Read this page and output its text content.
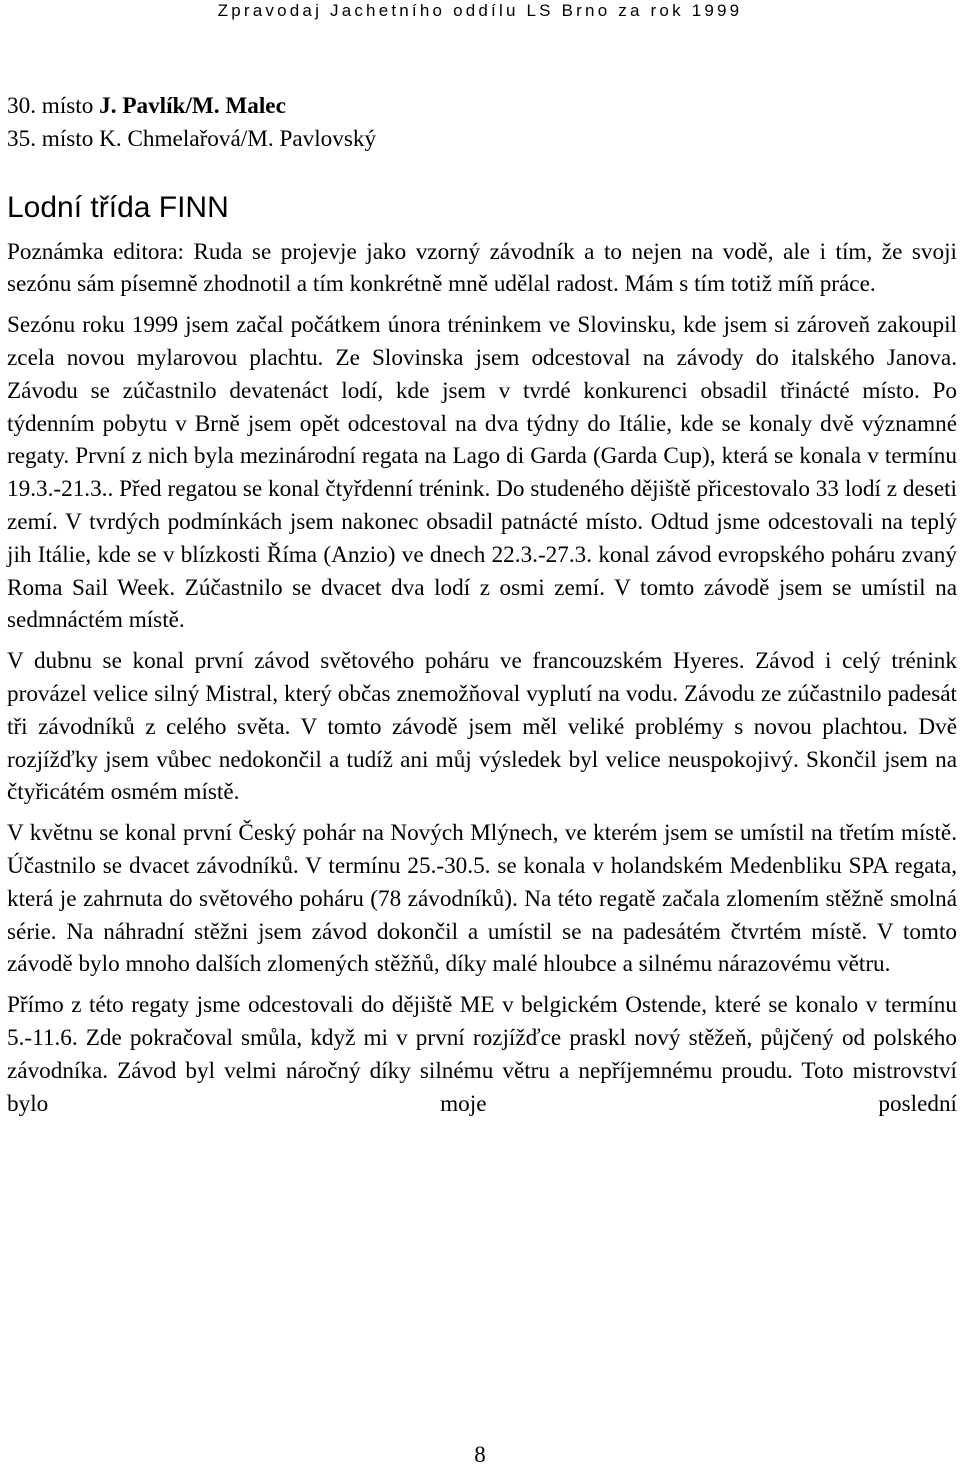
Zpravodaj Jachetního oddílu LS Brno za rok 1999

30. místo J. Pavlík/M. Malec

35. místo K. Chmelařová/M. Pavlovský

Lodní třída FINN

Poznámka editora: Ruda se projevje jako vzorný závodník a to nejen na vodě, ale i tím, že svoji sezónu sám písemně zhodnotil a tím konkrétně mně udělal radost. Mám s tím totiž míň práce.

Sezónu roku 1999 jsem začal počátkem února tréninkem ve Slovinsku, kde jsem si zároveň zakoupil zcela novou mylarovou plachtu. Ze Slovinska jsem odcestoval na závody do italského Janova. Závodu se zúčastnilo devatenáct lodí, kde jsem v tvrdé konkurenci obsadil třinácté místo. Po týdenním pobytu v Brně jsem opět odcestoval na dva týdny do Itálie, kde se konaly dvě významné regaty. První z nich byla mezinárodní regata na Lago di Garda (Garda Cup), která se konala v termínu 19.3.-21.3.. Před regatou se konal čtyřdenní trénink. Do studeného dějiště přicestovalo 33 lodí z deseti zemí. V tvrdých podmínkách jsem nakonec obsadil patnácté místo. Odtud jsme odcestovali na teplý jih Itálie, kde se v blízkosti Říma (Anzio) ve dnech 22.3.-27.3. konal závod evropského poháru zvaný Roma Sail Week. Zúčastnilo se dvacet dva lodí z osmi zemí. V tomto závodě jsem se umístil na sedmnáctém místě.

V dubnu se konal první závod světového poháru ve francouzském Hyeres. Závod i celý trénink provázel velice silný Mistral, který občas znemožňoval vyplutí na vodu. Závodu ze zúčastnilo padesát tři závodníků z celého světa. V tomto závodě jsem měl veliké problémy s novou plachtou. Dvě rozjížďky jsem vůbec nedokončil a tudíž ani můj výsledek byl velice neuspokojivý. Skončil jsem na čtyřicátém osmém místě.

V květnu se konal první Český pohár na Nových Mlýnech, ve kterém jsem se umístil na třetím místě. Účastnilo se dvacet závodníků. V termínu 25.-30.5. se konala v holandském Medenbliku SPA regata, která je zahrnuta do světového poháru (78 závodníků). Na této regatě začala zlomením stěžně smolná série. Na náhradní stěžni jsem závod dokončil a umístil se na padesátém čtvrtém místě. V tomto závodě bylo mnoho dalších zlomených stěžňů, díky malé hloubce a silnému nárazovému větru.

Přímo z této regaty jsme odcestovali do dějiště ME v belgickém Ostende, které se konalo v termínu 5.-11.6. Zde pokračoval smůla, když mi v první rozjížďce praskl nový stěžeň, půjčený od polského závodníka. Závod byl velmi náročný díky silnému větru a nepříjemnému proudu. Toto mistrovství bylo moje poslední

8
